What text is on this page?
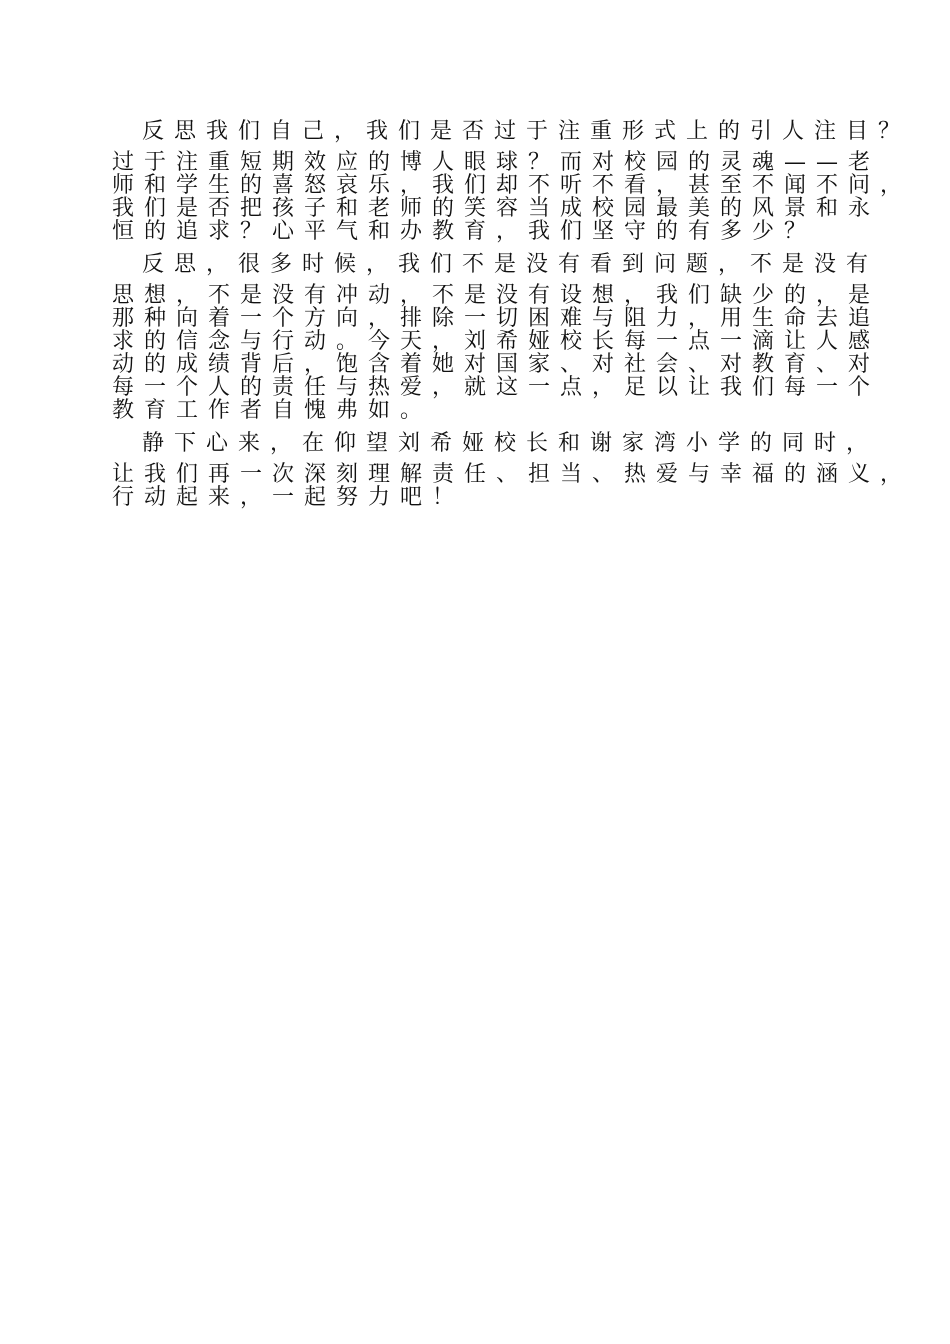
反思我们自己，我们是否过于注重形式上的引人注目？
过于注重短期效应的博人眼球？而对校园的灵魂——老
师和学生的喜怒哀乐，我们却不听不看，甚至不闻不问，
我们是否把孩子和老师的笑容当成校园最美的风景和永
恒的追求？心平气和办教育，我们坚守的有多少？
反思，很多时候，我们不是没有看到问题，不是没有
思想，不是没有冲动，不是没有设想，我们缺少的，是
那种向着一个方向，排除一切困难与阻力，用生命去追
求的信念与行动。今天，刘希娅校长每一点一滴让人感
动的成绩背后，饱含着她对国家、对社会、对教育、对
每一个人的责任与热爱，就这一点，足以让我们每一个
教育工作者自愧弗如。
静下心来，在仰望刘希娅校长和谢家湾小学的同时，
让我们再一次深刻理解责任、担当、热爱与幸福的涵义，
行动起来，一起努力吧！
